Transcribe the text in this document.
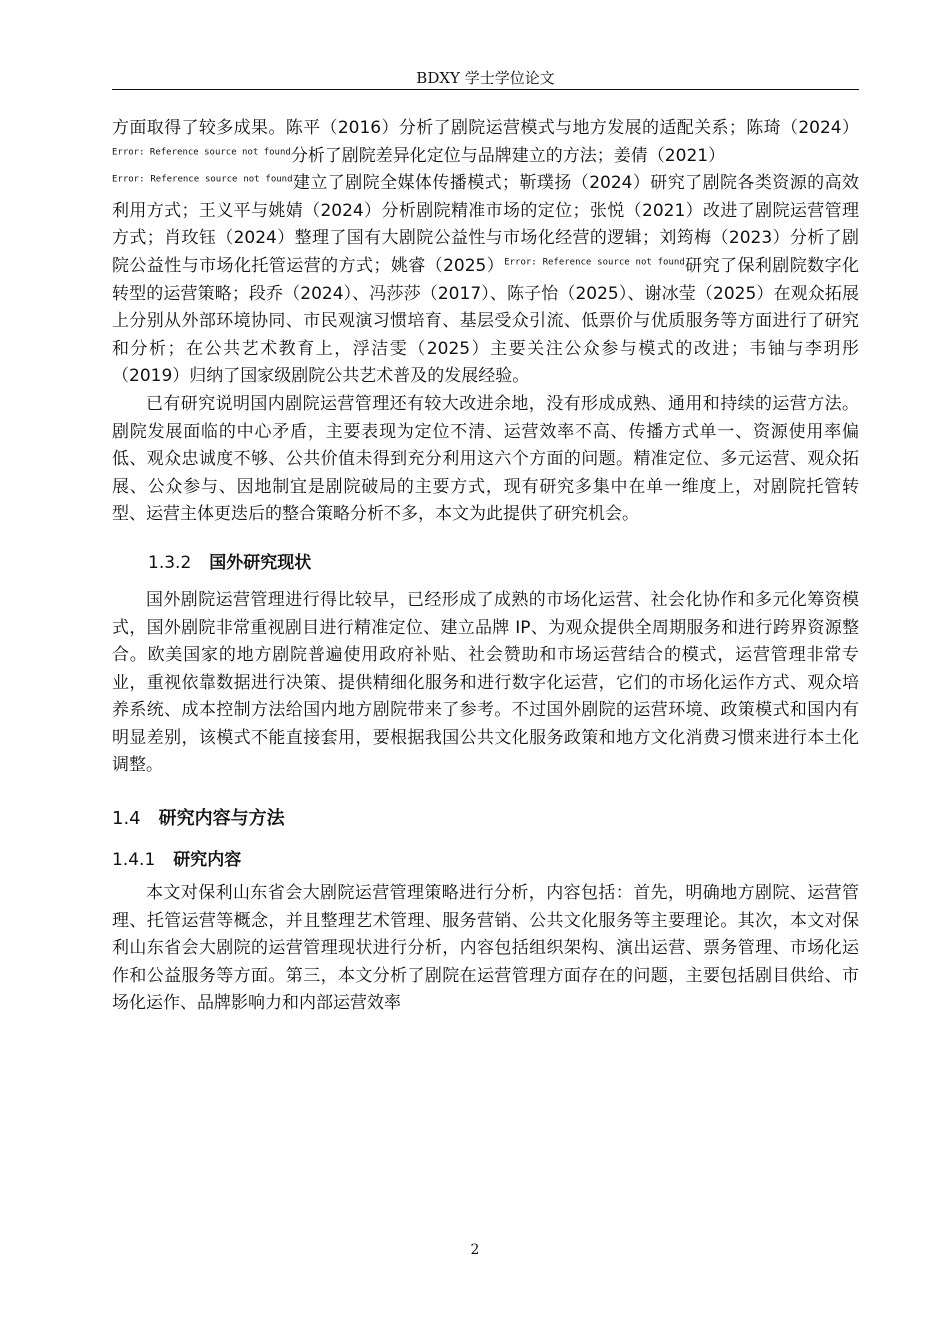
BDXY 学士学位论文

方面取得了较多成果。陈平（2016）分析了剧院运营模式与地方发展的适配关系；陈琦$(2024)^{Error: Reference source not found}$分析了剧院差异化定位与品牌建立的方法；姜倩（2021）
$^{Error: Reference source not found}$建立了剧院全媒体传播模式；靳璞扬（2024）研究了剧院各类资源的高效利用方式；王义平与姚婧（2024）分析剧院精准市场的定位；张悦（2021）改进了剧院运营管理方式；肖玫钰（2024）整理了国有大剧院公益性与市场化经营的逻辑；刘筠梅（2023）分析了剧院公益性与市场化托管运营的方式；姚睿$(2025)^{Error: Reference source not found}$研究了保利剧院数字化转型的运营策略；段乔（2024）、冯莎莎（2017）、陈子怡（2025）、谢冰莹（2025）在观众拓展上分别从外部环境协同、市民观演习惯培育、基层受众引流、低票价与优质服务等方面进行了研究和分析；在公共艺术教育上，浮洁雯（2025）主要关注公众参与模式的改进；韦铀与李玥彤（2019）归纳了国家级剧院公共艺术普及的发展经验。

已有研究说明国内剧院运营管理还有较大改进余地，没有形成成熟、通用和持续的运营方法。剧院发展面临的中心矛盾，主要表现为定位不清、运营效率不高、传播方式单一、资源使用率偏低、观众忠诚度不够、公共价值未得到充分利用这六个方面的问题。精准定位、多元运营、观众拓展、公众参与、因地制宜是剧院破局的主要方式，现有研究多集中在单一维度上，对剧院托管转型、运营主体更迭后的整合策略分析不多，本文为此提供了研究机会。

1.3.2 国外研究现状

国外剧院运营管理进行得比较早，已经形成了成熟的市场化运营、社会化协作和多元化筹资模式，国外剧院非常重视剧目进行精准定位、建立品牌 IP、为观众提供全周期服务和进行跨界资源整合。欧美国家的地方剧院普遍使用政府补贴、社会赞助和市场运营结合的模式，运营管理非常专业，重视依靠数据进行决策、提供精细化服务和进行数字化运营，它们的市场化运作方式、观众培养系统、成本控制方法给国内地方剧院带来了参考。不过国外剧院的运营环境、政策模式和国内有明显差别，该模式不能直接套用，要根据我国公共文化服务政策和地方文化消费习惯来进行本土化调整。

1.4 研究内容与方法
1.4.1 研究内容

本文对保利山东省会大剧院运营管理策略进行分析，内容包括：首先，明确地方剧院、运营管理、托管运营等概念，并且整理艺术管理、服务营销、公共文化服务等主要理论。其次，本文对保利山东省会大剧院的运营管理现状进行分析，内容包括组织架构、演出运营、票务管理、市场化运作和公益服务等方面。第三，本文分析了剧院在运营管理方面存在的问题，主要包括剧目供给、市场化运作、品牌影响力和内部运营效率

2
